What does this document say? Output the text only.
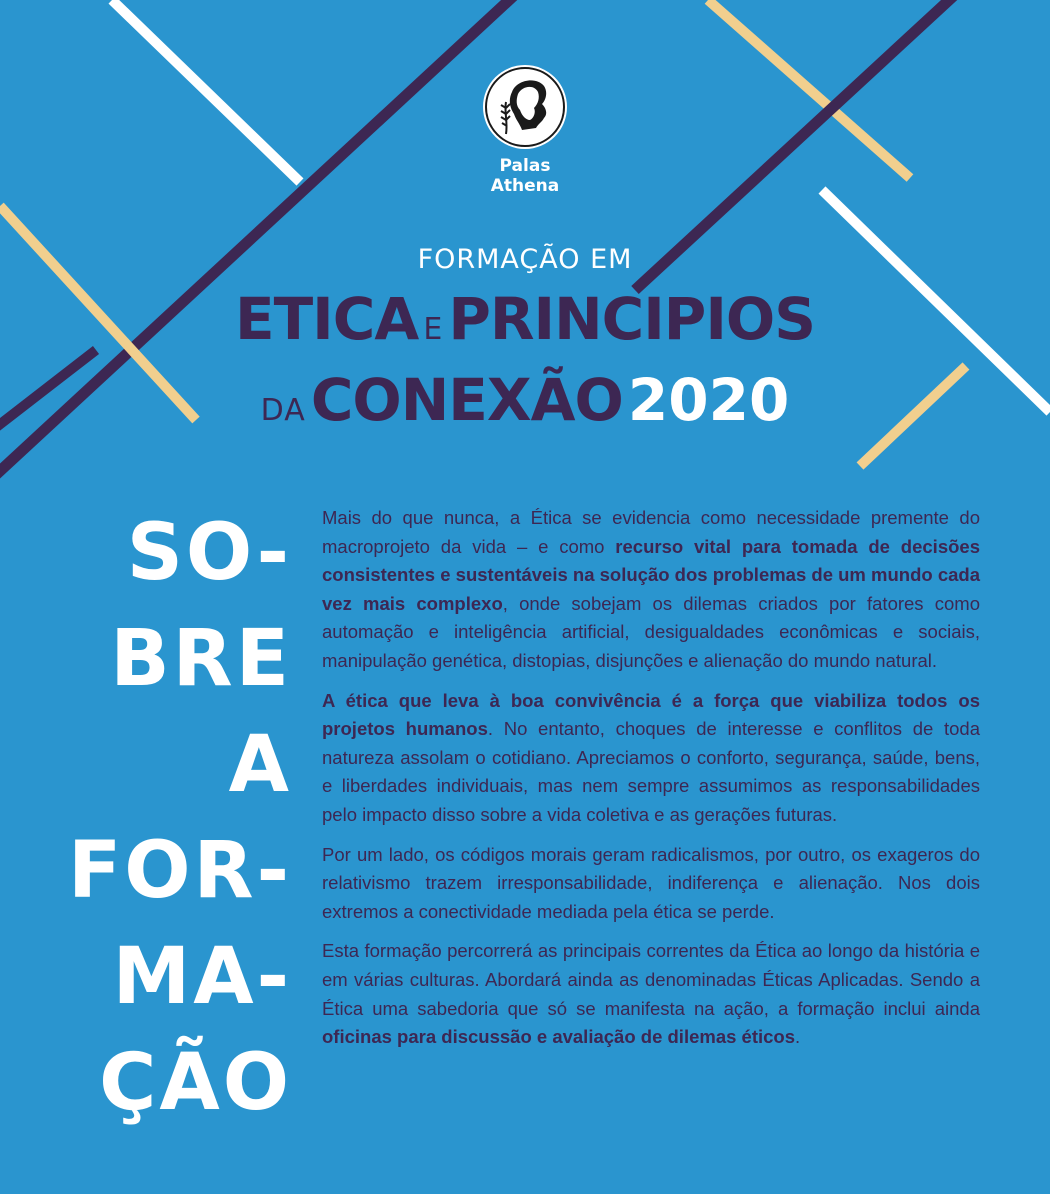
Palas Athena
FORMAÇÃO EM
ETICA E PRINCIPIOS
DA CONEXÃO 2020
SO-
BRE
A
FOR-
MA-
ÇÃO

Mais do que nunca, a Ética se evidencia como necessidade premente do macroprojeto da vida – e como recurso vital para tomada de decisões consistentes e sustentáveis na solução dos problemas de um mundo cada vez mais complexo, onde sobejam os dilemas criados por fatores como automação e inteligência artificial, desigualdades econômicas e sociais, manipulação genética, distopias, disjunções e alienação do mundo natural.

A ética que leva à boa convivência é a força que viabiliza todos os projetos humanos. No entanto, choques de interesse e conflitos de toda natureza assolam o cotidiano. Apreciamos o conforto, segurança, saúde, bens, e liberdades individuais, mas nem sempre assumimos as responsabilidades pelo impacto disso sobre a vida coletiva e as gerações futuras.

Por um lado, os códigos morais geram radicalismos, por outro, os exageros do relativismo trazem irresponsabilidade, indiferença e alienação. Nos dois extremos a conectividade mediada pela ética se perde.

Esta formação percorrerá as principais correntes da Ética ao longo da história e em várias culturas. Abordará ainda as denominadas Éticas Aplicadas. Sendo a Ética uma sabedoria que só se manifesta na ação, a formação inclui ainda oficinas para discussão e avaliação de dilemas éticos.
